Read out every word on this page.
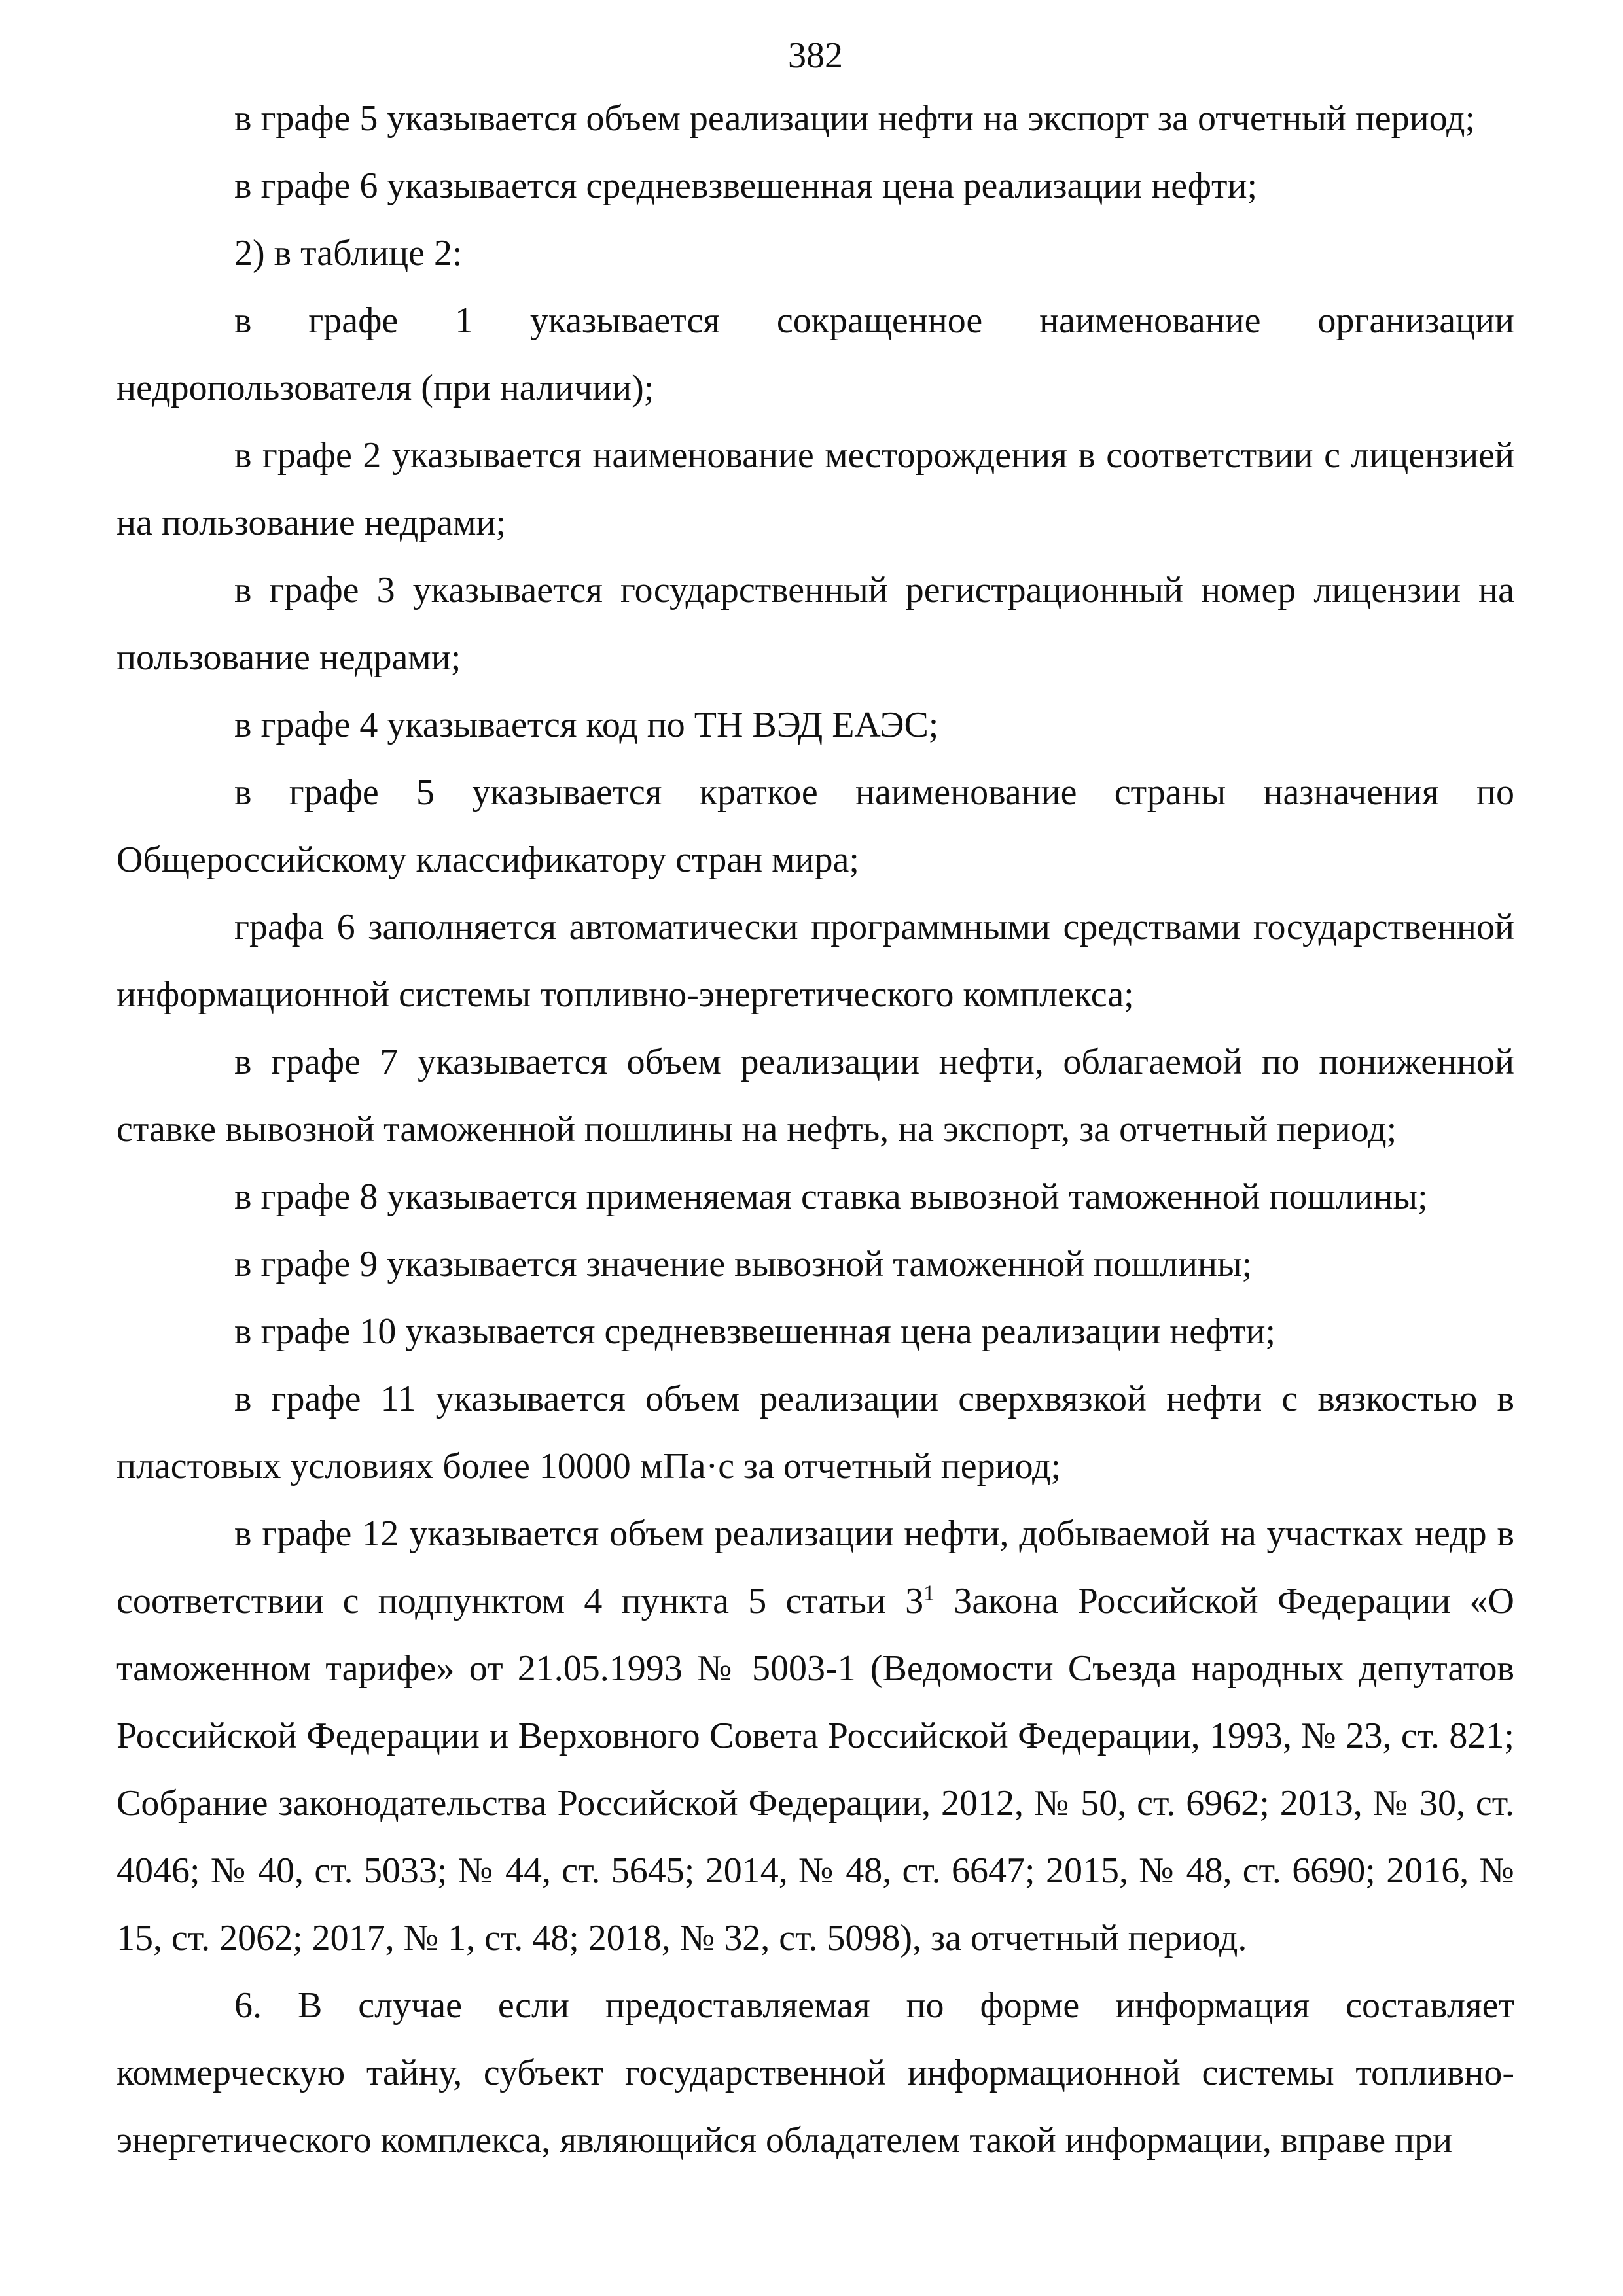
382

в графе 5 указывается объем реализации нефти на экспорт за отчетный период;

в графе 6 указывается средневзвешенная цена реализации нефти;

2) в таблице 2:

в графе 1 указывается сокращенное наименование организации недропользователя (при наличии);

в графе 2 указывается наименование месторождения в соответствии с лицензией на пользование недрами;

в графе 3 указывается государственный регистрационный номер лицензии на пользование недрами;

в графе 4 указывается код по ТН ВЭД ЕАЭС;

в графе 5 указывается краткое наименование страны назначения по Общероссийскому классификатору стран мира;

графа 6 заполняется автоматически программными средствами государственной информационной системы топливно-энергетического комплекса;

в графе 7 указывается объем реализации нефти, облагаемой по пониженной ставке вывозной таможенной пошлины на нефть, на экспорт, за отчетный период;

в графе 8 указывается применяемая ставка вывозной таможенной пошлины;

в графе 9 указывается значение вывозной таможенной пошлины;

в графе 10 указывается средневзвешенная цена реализации нефти;

в графе 11 указывается объем реализации сверхвязкой нефти с вязкостью в пластовых условиях более 10000 мПа·с за отчетный период;

в графе 12 указывается объем реализации нефти, добываемой на участках недр в соответствии с подпунктом 4 пункта 5 статьи $3^1$ Закона Российской Федерации «О таможенном тарифе» от 21.05.1993 № 5003-1 (Ведомости Съезда народных депутатов Российской Федерации и Верховного Совета Российской Федерации, 1993, № 23, ст. 821; Собрание законодательства Российской Федерации, 2012, № 50, ст. 6962; 2013, № 30, ст. 4046; № 40, ст. 5033; № 44, ст. 5645; 2014, № 48, ст. 6647; 2015, № 48, ст. 6690; 2016, № 15, ст. 2062; 2017, № 1, ст. 48; 2018, № 32, ст. 5098), за отчетный период.

6. В случае если предоставляемая по форме информация составляет коммерческую тайну, субъект государственной информационной системы топливно-энергетического комплекса, являющийся обладателем такой информации, вправе при
